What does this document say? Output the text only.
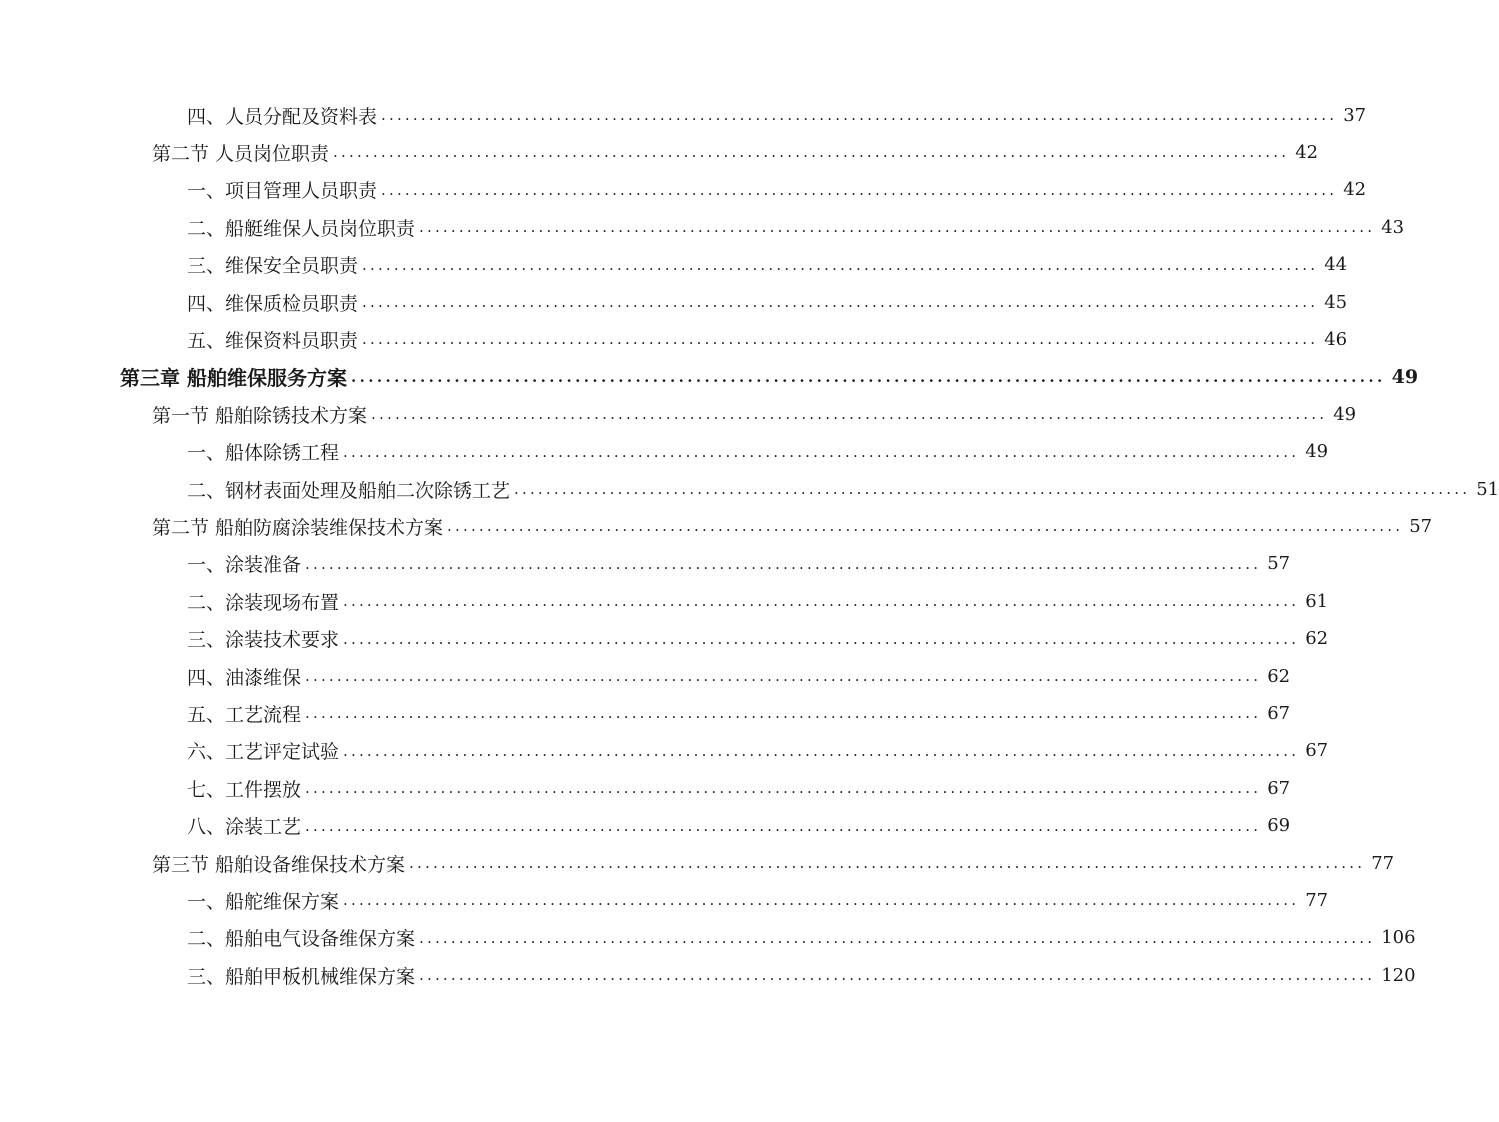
四、人员分配及资料表 ........................................................................................................................ 37
第二节 人员岗位职责 ........................................................................................................................ 42
一、项目管理人员职责 ........................................................................................................................ 42
二、船艇维保人员岗位职责 ........................................................................................................................ 43
三、维保安全员职责 ........................................................................................................................ 44
四、维保质检员职责 ........................................................................................................................ 45
五、维保资料员职责 ........................................................................................................................ 46
第三章 船舶维保服务方案 ........................................................................................................................ 49
第一节 船舶除锈技术方案 ........................................................................................................................ 49
一、船体除锈工程 ........................................................................................................................ 49
二、钢材表面处理及船舶二次除锈工艺 ........................................................................................................................ 51
第二节 船舶防腐涂装维保技术方案 ........................................................................................................................ 57
一、涂装准备 ........................................................................................................................ 57
二、涂装现场布置 ........................................................................................................................ 61
三、涂装技术要求 ........................................................................................................................ 62
四、油漆维保 ........................................................................................................................ 62
五、工艺流程 ........................................................................................................................ 67
六、工艺评定试验 ........................................................................................................................ 67
七、工件摆放 ........................................................................................................................ 67
八、涂装工艺 ........................................................................................................................ 69
第三节 船舶设备维保技术方案 ........................................................................................................................ 77
一、船舵维保方案 ........................................................................................................................ 77
二、船舶电气设备维保方案 ........................................................................................................................ 106
三、船舶甲板机械维保方案 ........................................................................................................................ 120
